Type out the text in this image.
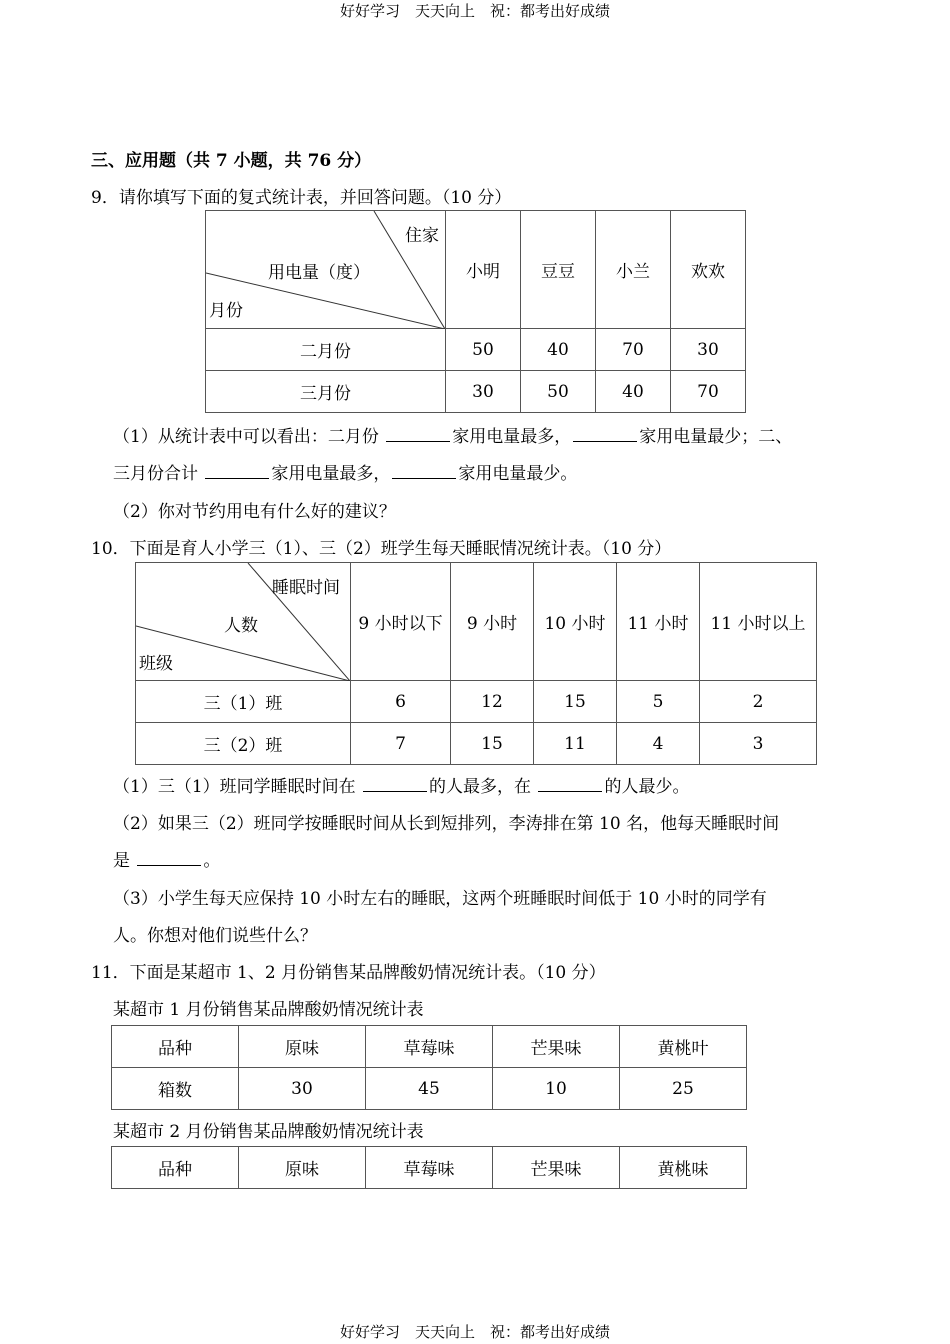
好好学习　天天向上　祝：都考出好成绩
三、应用题（共 7 小题，共 76 分）
9．请你填写下面的复式统计表，并回答问题。（10 分）
住家
用电量（度）
月份	小明	豆豆	小兰	欢欢
二月份	50	40	70	30
三月份	30	50	40	70
（1）从统计表中可以看出：二月份	家用电量最多，	家用电量最少；二、
三月份合计	家用电量最多，	家用电量最少。
（2）你对节约用电有什么好的建议？
10．下面是育人小学三（1）、三（2）班学生每天睡眠情况统计表。（10 分）
睡眠时间
人数
班级	9 小时以下	9 小时	10 小时	11 小时	11 小时以上
三（1）班	6	12	15	5	2
三（2）班	7	15	11	4	3
（1）三（1）班同学睡眠时间在	的人最多，在	的人最少。
（2）如果三（2）班同学按睡眠时间从长到短排列，李涛排在第 10 名，他每天睡眠时间
是	。
（3）小学生每天应保持 10 小时左右的睡眠，这两个班睡眠时间低于 10 小时的同学有
人。你想对他们说些什么？
11．下面是某超市 1、2 月份销售某品牌酸奶情况统计表。（10 分）
某超市 1 月份销售某品牌酸奶情况统计表
品种	原味	草莓味	芒果味	黄桃叶
箱数	30	45	10	25
某超市 2 月份销售某品牌酸奶情况统计表
品种	原味	草莓味	芒果味	黄桃味
好好学习　天天向上　祝：都考出好成绩
